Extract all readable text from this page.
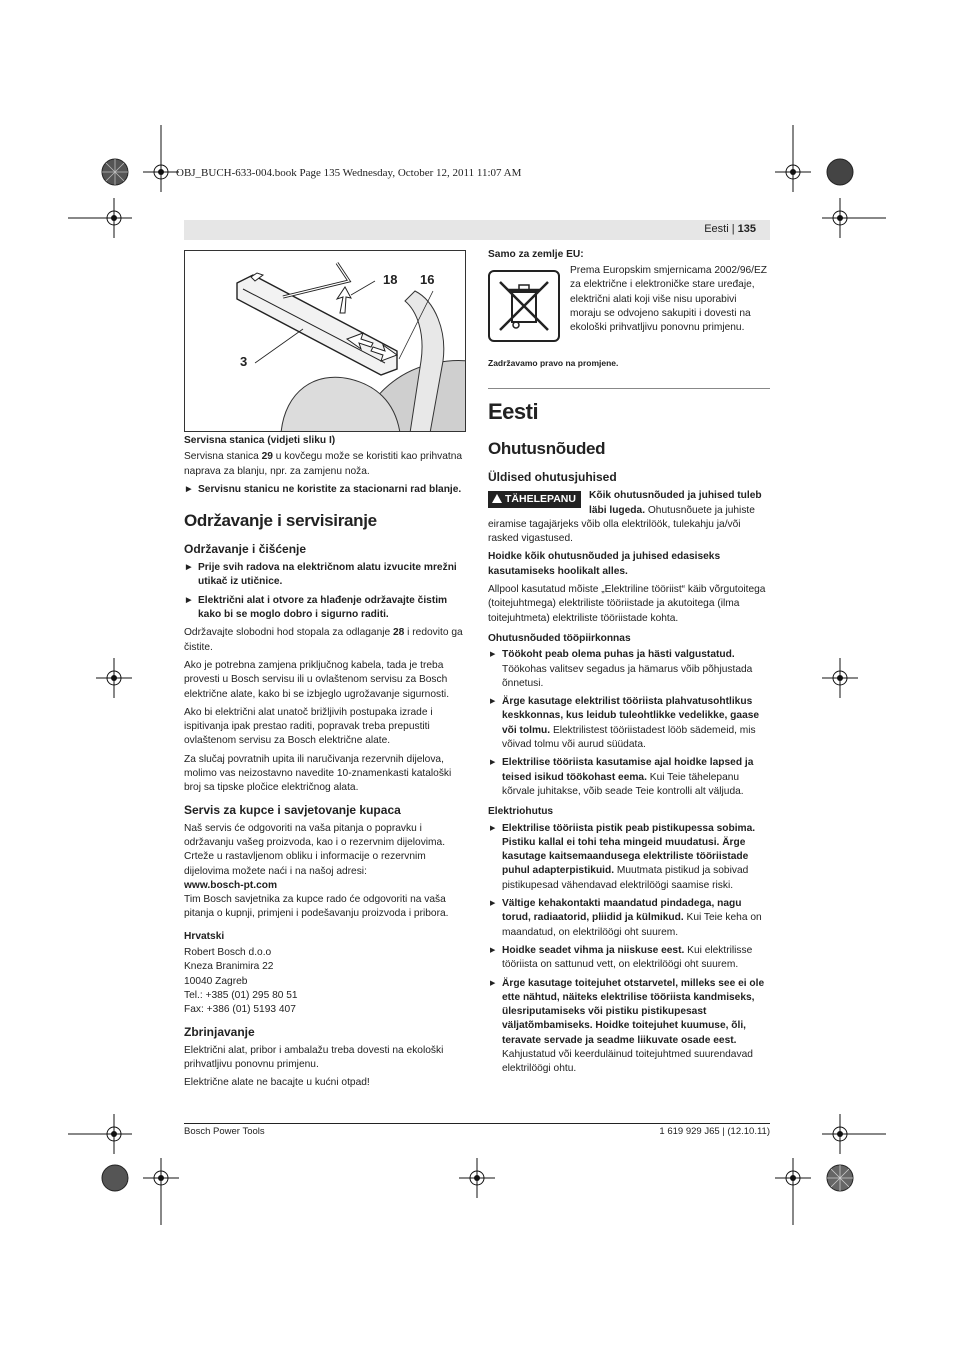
OBJ_BUCH-633-004.book Page 135 Wednesday, October 12, 2011 11:07 AM
Eesti | 135
18 16
3

Servisna stanica (vidjeti sliku I)

Servisna stanica 29 u kovčegu može se koristiti kao prihvatna naprava za blanju, npr. za zamjenu noža.

▶ Servisnu stanicu ne koristite za stacionarni rad blanje.

Održavanje i servisiranje
Održavanje i čišćenje

▶ Prije svih radova na električnom alatu izvucite mrežni utikač iz utičnice.

▶ Električni alat i otvore za hlađenje održavajte čistim kako bi se moglo dobro i sigurno raditi.

Održavajte slobodni hod stopala za odlaganje 28 i redovito ga čistite.

Ako je potrebna zamjena priključnog kabela, tada je treba provesti u Bosch servisu ili u ovlaštenom servisu za Bosch električne alate, kako bi se izbjeglo ugrožavanje sigurnosti.

Ako bi električni alat unatoč brižljivih postupaka izrade i ispitivanja ipak prestao raditi, popravak treba prepustiti ovlaštenom servisu za Bosch električne alate.

Za slučaj povratnih upita ili naručivanja rezervnih dijelova, molimo vas neizostavno navedite 10-znamenkasti kataloški broj sa tipske pločice električnog alata.

Servis za kupce i savjetovanje kupaca

Naš servis će odgovoriti na vaša pitanja o popravku i održavanju vašeg proizvoda, kao i o rezervnim dijelovima. Crteže u rastavljenom obliku i informacije o rezervnim dijelovima možete naći i na našoj adresi:
www.bosch-pt.com
Tim Bosch savjetnika za kupce rado će odgovoriti na vaša pitanja o kupnji, primjeni i podešavanju proizvoda i pribora.

Hrvatski

Robert Bosch d.o.o
Kneza Branimira 22
10040 Zagreb
Tel.: +385 (01) 295 80 51
Fax: +386 (01) 5193 407

Zbrinjavanje

Električni alat, pribor i ambalažu treba dovesti na ekološki prihvatljivu ponovnu primjenu.

Električne alate ne bacajte u kućni otpad!

Samo za zemlje EU:

Prema Europskim smjernicama 2002/96/EZ za električne i elektroničke stare uređaje, električni alati koji više nisu uporabivi moraju se odvojeno sakupiti i dovesti na ekološki prihvatljivu ponovnu primjenu.

Zadržavamo pravo na promjene.

Eesti
Ohutusnõuded
Üldised ohutusjuhised
TÄHELEPANU	Kõik ohutusnõuded ja juhised tuleb läbi lugeda. Ohutusnõuete ja juhiste eiramise tagajärjeks võib olla elektrilöök, tulekahju ja/või rasked vigastused.

Hoidke kõik ohutusnõuded ja juhised edasiseks kasutamiseks hoolikalt alles.

Allpool kasutatud mõiste „Elektriline tööriist“ käib võrgutoitega (toitejuhtmega) elektriliste tööriistade ja akutoitega (ilma toitejuhtmeta) elektriliste tööriistade kohta.

Ohutusnõuded tööpiirkonnas

▶ Töökoht peab olema puhas ja hästi valgustatud. Töökohas valitsev segadus ja hämarus võib põhjustada õnnetusi.

▶ Ärge kasutage elektrilist tööriista plahvatusohtlikus keskkonnas, kus leidub tuleohtlikke vedelikke, gaase või tolmu. Elektrilistest tööriistadest lööb sädemeid, mis võivad tolmu või aurud süüdata.

▶ Elektrilise tööriista kasutamise ajal hoidke lapsed ja teised isikud töökohast eema. Kui Teie tähelepanu kõrvale juhitakse, võib seade Teie kontrolli alt väljuda.

Elektriohutus

▶ Elektrilise tööriista pistik peab pistikupessa sobima. Pistiku kallal ei tohi teha mingeid muudatusi. Ärge kasutage kaitsemaandusega elektriliste tööriistade puhul adapterpistikuid. Muutmata pistikud ja sobivad pistikupesad vähendavad elektrilöögi saamise riski.

▶ Vältige kehakontakti maandatud pindadega, nagu torud, radiaatorid, pliidid ja külmikud. Kui Teie keha on maandatud, on elektrilöögi oht suurem.

▶ Hoidke seadet vihma ja niiskuse eest. Kui elektrilisse tööriista on sattunud vett, on elektrilöögi oht suurem.

▶ Ärge kasutage toitejuhet otstarvetel, milleks see ei ole ette nähtud, näiteks elektrilise tööriista kandmiseks, ülesriputamiseks või pistiku pistikupesast väljatõmbamiseks. Hoidke toitejuhet kuumuse, õli, teravate servade ja seadme liikuvate osade eest. Kahjustatud või keerduläinud toitejuhtmed suurendavad elektrilöögi ohtu.

Bosch Power Tools	1 619 929 J65 | (12.10.11)
